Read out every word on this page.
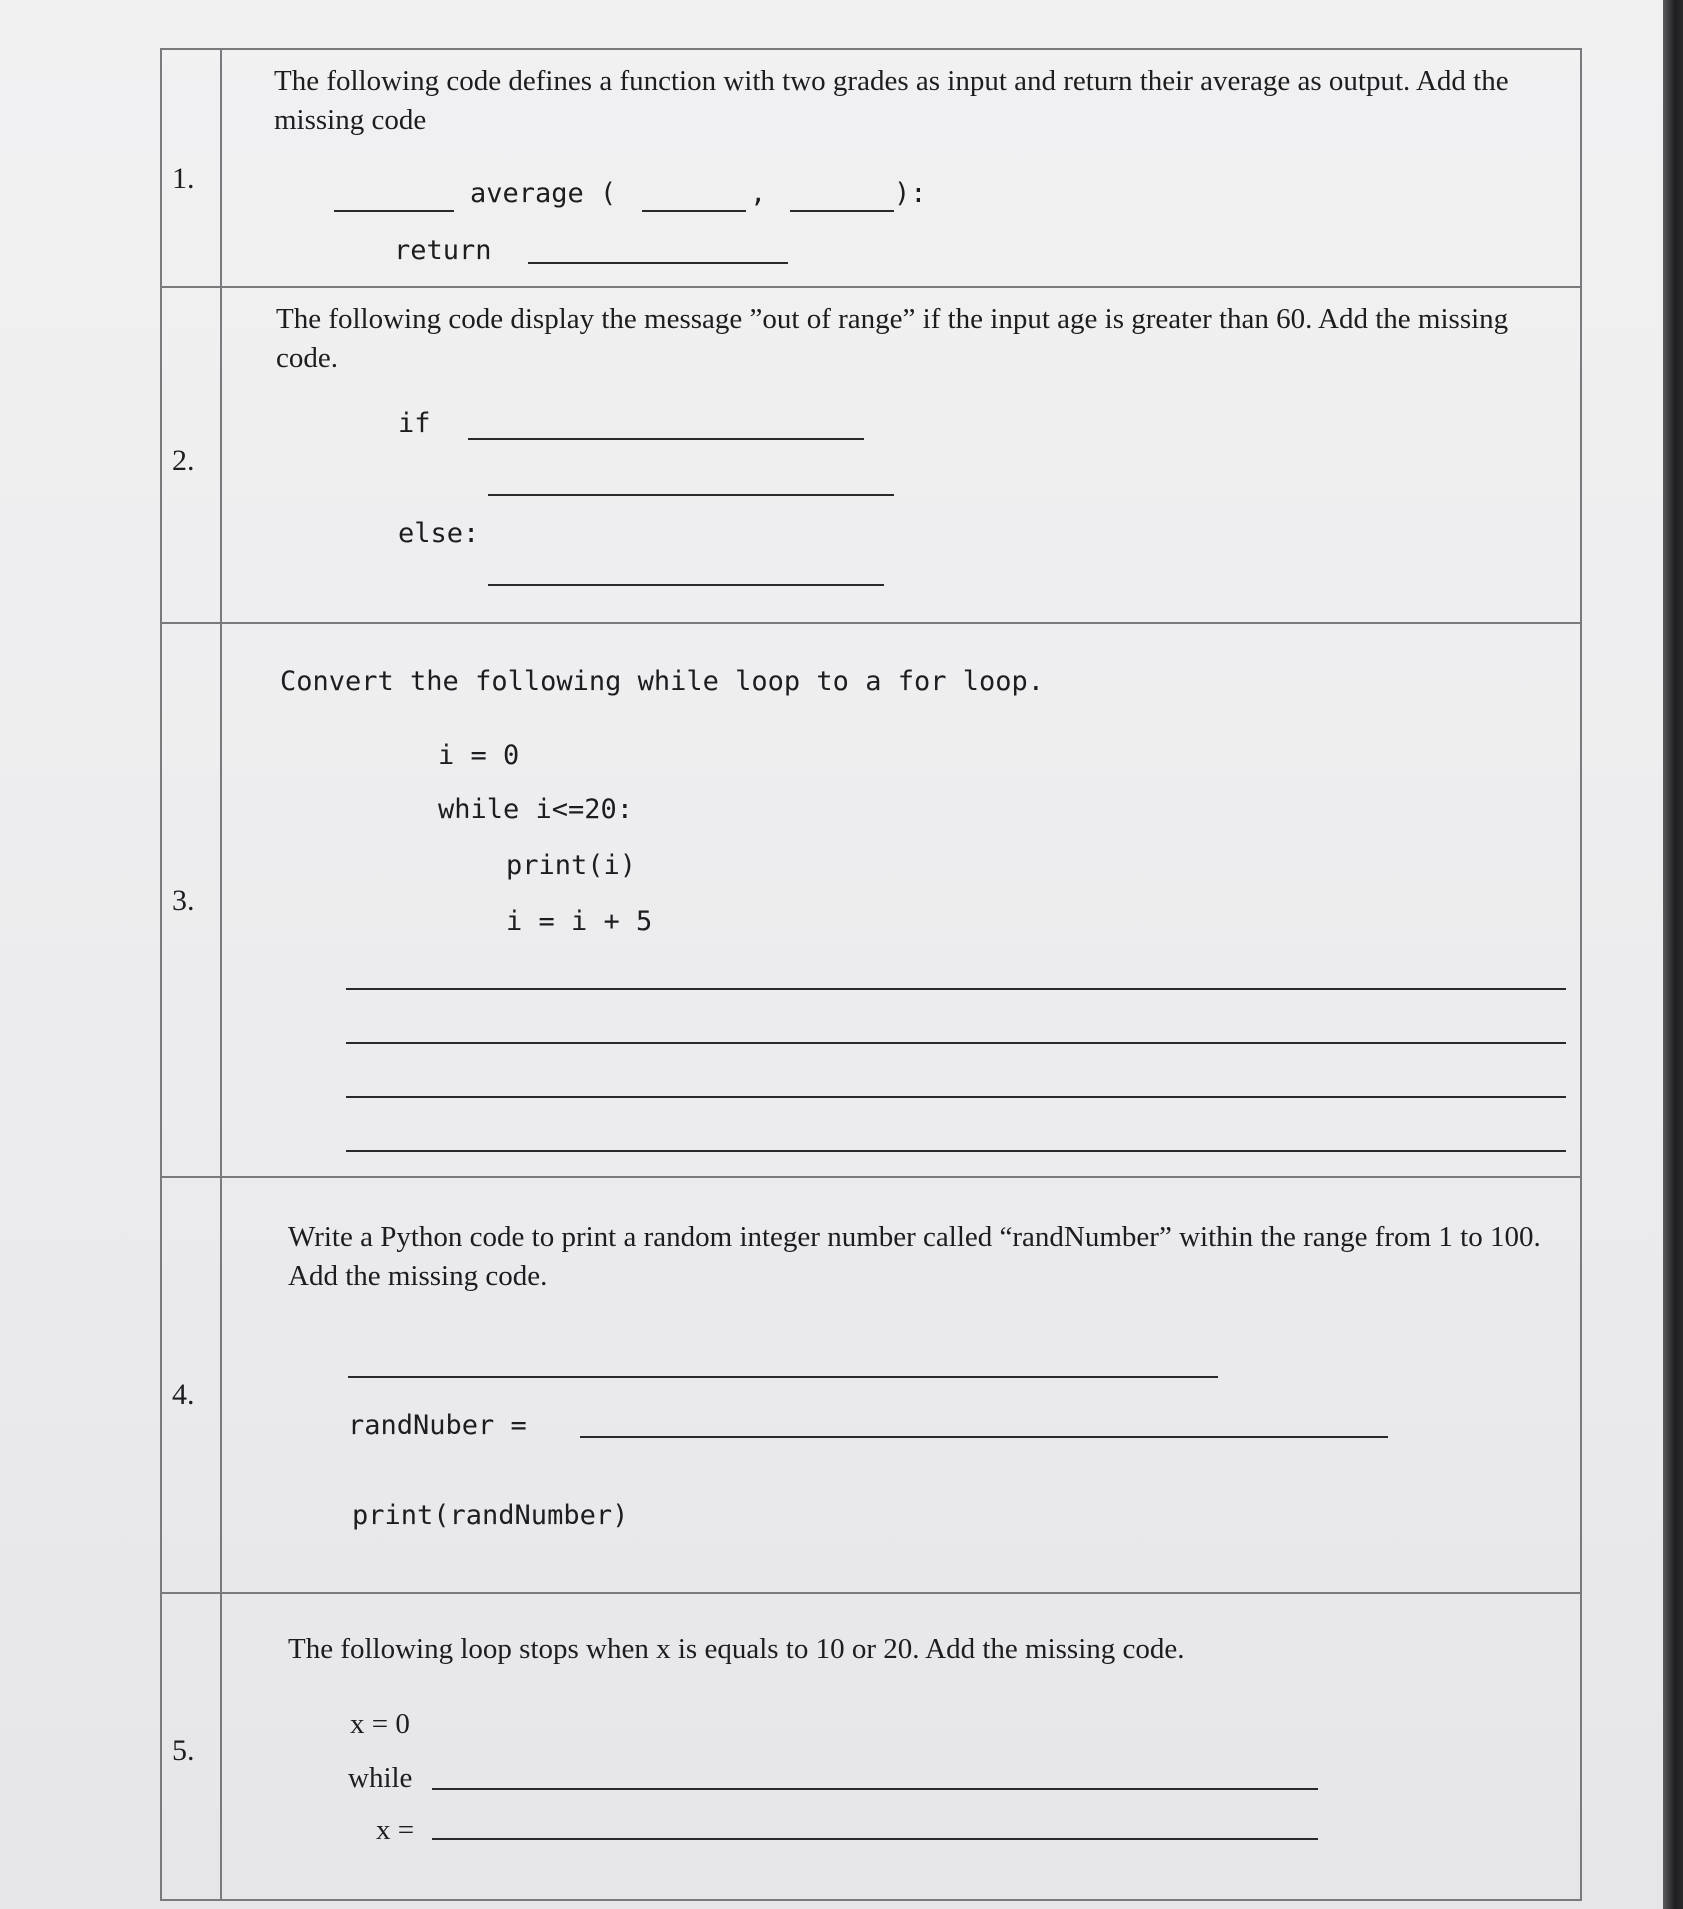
1.	The following code defines a function with two grades as input and return their average as output. Add the missing code
average ( , ):
return

2.	The following code display the message ”out of range” if the input age is greater than 60. Add the missing code.
if
else:

3.	Convert the following while loop to a for loop.
i = 0
while i<=20:
print(i)
i = i + 5

4.	Write a Python code to print a random integer number called “randNumber” within the range from 1 to 100. Add the missing code.
randNuber =
print(randNumber)

5.	The following loop stops when x is equals to 10 or 20. Add the missing code.
x = 0
while
x =
